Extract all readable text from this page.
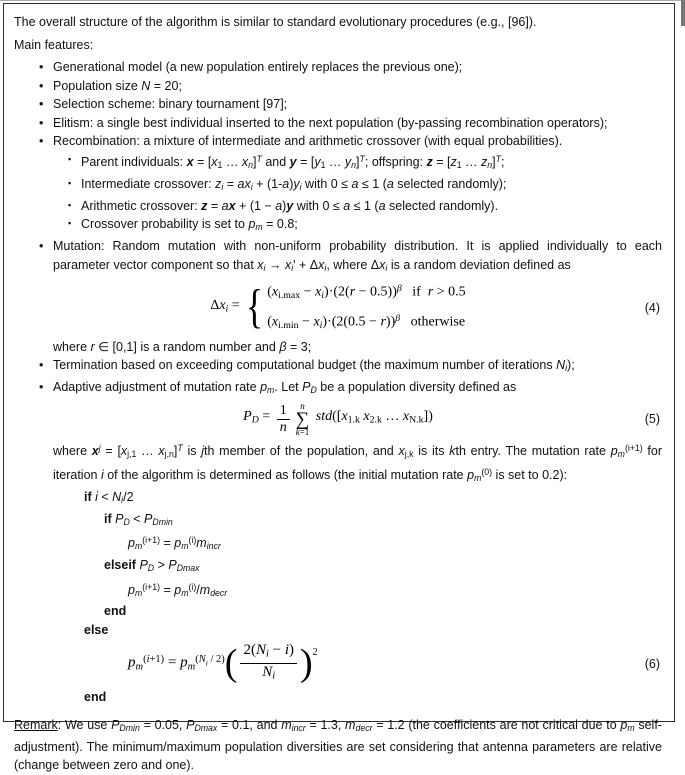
The overall structure of the algorithm is similar to standard evolutionary procedures (e.g., [96]).
Main features:
• Generational model (a new population entirely replaces the previous one);
• Population size N = 20;
• Selection scheme: binary tournament [97];
• Elitism: a single best individual inserted to the next population (by-passing recombination operators);
• Recombination: a mixture of intermediate and arithmetic crossover (with equal probabilities).
▪ Parent individuals: x = [x1 … xn]$^T$ and y = [y1 … yn]$^T$; offspring: z = [z1 … zn]$^T$;
▪ Intermediate crossover: zi = axi + (1-a)yi with 0 ≤ a ≤ 1 (a selected randomly);
▪ Arithmetic crossover: z = ax + (1 − a)y with 0 ≤ a ≤ 1 (a selected randomly).
▪ Crossover probability is set to pm = 0.8;
• Mutation: Random mutation with non-uniform probability distribution. It is applied individually to each parameter vector component so that xi → xi' + Δxi, where Δxi is a random deviation defined as
Δxi = { $(xi.\max - xi)\cdot(2(r - 0.5))^\beta$   if  r > 0.5
$(xi.\min - xi)\cdot(2(0.5 - r))^\beta$   otherwise
(4)
where r ∈ [0,1] is a random number and β = 3;
• Termination based on exceeding computational budget (the maximum number of iterations Ni);
• Adaptive adjustment of mutation rate pm. Let PD be a population diversity defined as
PD = $\frac{1}{n}$ n
∑
k=1
std([x1.k x2.k … xN.k])	(5)
where $x^j = [xj,1$ … xj,n]$^T$ is jth member of the population, and xj,k is its kth entry. The mutation rate $pm^{(i+1)}$ for iteration i of the algorithm is determined as follows (the initial mutation rate $pm^{(0)}$ is set to 0.2):
if i < Ni/2
if PD < PDmin
$pm^{(i+1)}$ = $pm^{(i)}mincr$
elseif PD > PDmax
$pm^{(i+1)}$ = $pm^{(i)}$/mdecr
end
else
$pm^{(i+1)} = pm^{(N}i$ $^{/ 2)}$ ( $\frac{2(Ni - i)}{Ni}$ ) 2
(6)
end
Remark: We use PDmin = 0.05, PDmax = 0.1, and mincr = 1.3, mdecr = 1.2 (the coefficients are not critical due to pm self-adjustment). The minimum/maximum population diversities are set considering that antenna parameters are relative (change between zero and one).
